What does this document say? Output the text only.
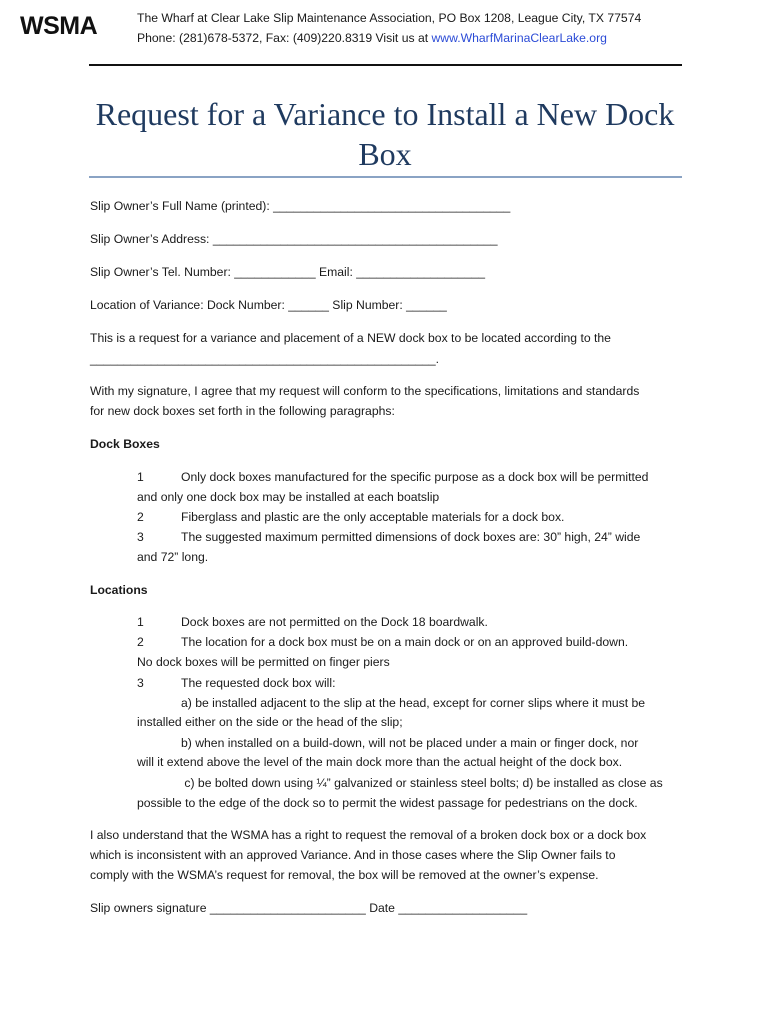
WSMA	The Wharf at Clear Lake Slip Maintenance Association, PO Box 1208, League City, TX 77574
Phone: (281)678-5372, Fax: (409)220.8319 Visit us at www.WharfMarinaClearLake.org
Request for a Variance to Install a New Dock Box
Slip Owner’s Full Name (printed): ___________________________________
Slip Owner’s Address: __________________________________________
Slip Owner’s Tel. Number: ____________ Email: ___________________
Location of Variance: Dock Number: ______ Slip Number: ______
This is a request for a variance and placement of a NEW dock box to be located according to the
___________________________________________________.
With my signature, I agree that my request will conform to the specifications, limitations and standards
for new dock boxes set forth in the following paragraphs:
Dock Boxes
1	Only dock boxes manufactured for the specific purpose as a dock box will be permitted
and only one dock box may be installed at each boatslip
2	Fiberglass and plastic are the only acceptable materials for a dock box.
3	The suggested maximum permitted dimensions of dock boxes are: 30” high, 24” wide
and 72” long.
Locations
1	Dock boxes are not permitted on the Dock 18 boardwalk.
2	The location for a dock box must be on a main dock or on an approved build-down.
No dock boxes will be permitted on finger piers
3	The requested dock box will:
a) be installed adjacent to the slip at the head, except for corner slips where it must be
installed either on the side or the head of the slip;
b) when installed on a build-down, will not be placed under a main or finger dock, nor
will it extend above the level of the main dock more than the actual height of the dock box.
c) be bolted down using ¼” galvanized or stainless steel bolts; d) be installed as close as
possible to the edge of the dock so to permit the widest passage for pedestrians on the dock.
I also understand that the WSMA has a right to request the removal of a broken dock box or a dock box
which is inconsistent with an approved Variance. And in those cases where the Slip Owner fails to
comply with the WSMA’s request for removal, the box will be removed at the owner’s expense.
Slip owners signature _______________________ Date ___________________
